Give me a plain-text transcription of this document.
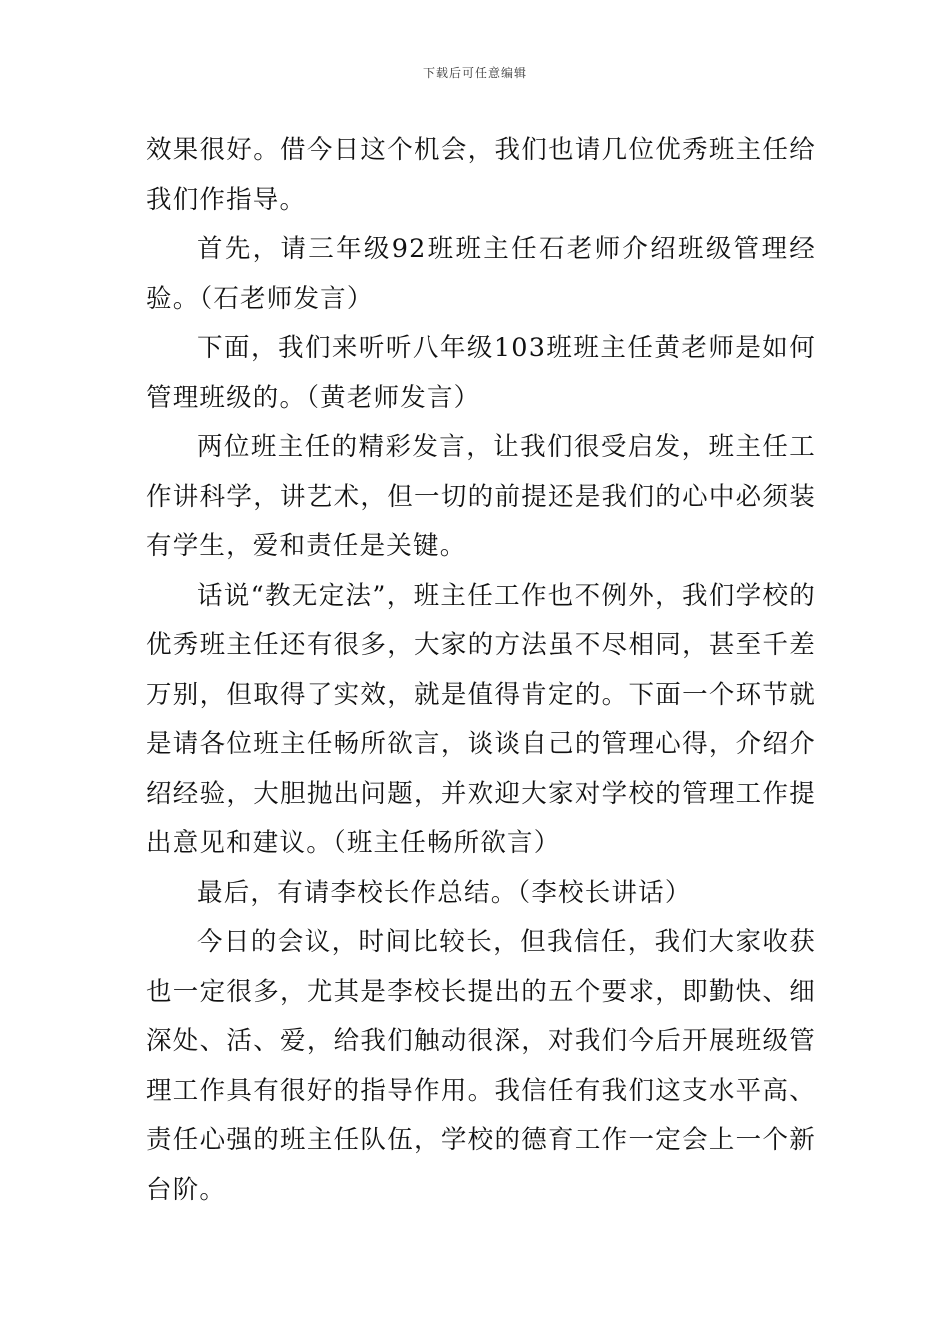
下载后可任意编辑

效果很好。借今日这个机会，我们也请几位优秀班主任给我们作指导。

首先，请三年级92班班主任石老师介绍班级管理经验。（石老师发言）

下面，我们来听听八年级103班班主任黄老师是如何管理班级的。（黄老师发言）

两位班主任的精彩发言，让我们很受启发，班主任工作讲科学，讲艺术，但一切的前提还是我们的心中必须装有学生，爱和责任是关键。

话说“教无定法”，班主任工作也不例外，我们学校的优秀班主任还有很多，大家的方法虽不尽相同，甚至千差万别，但取得了实效，就是值得肯定的。下面一个环节就是请各位班主任畅所欲言，谈谈自己的管理心得，介绍介绍经验，大胆抛出问题，并欢迎大家对学校的管理工作提出意见和建议。（班主任畅所欲言）

最后，有请李校长作总结。（李校长讲话）

今日的会议，时间比较长，但我信任，我们大家收获也一定很多，尤其是李校长提出的五个要求，即勤快、细深处、活、爱，给我们触动很深，对我们今后开展班级管理工作具有很好的指导作用。我信任有我们这支水平高、责任心强的班主任队伍，学校的德育工作一定会上一个新台阶。
